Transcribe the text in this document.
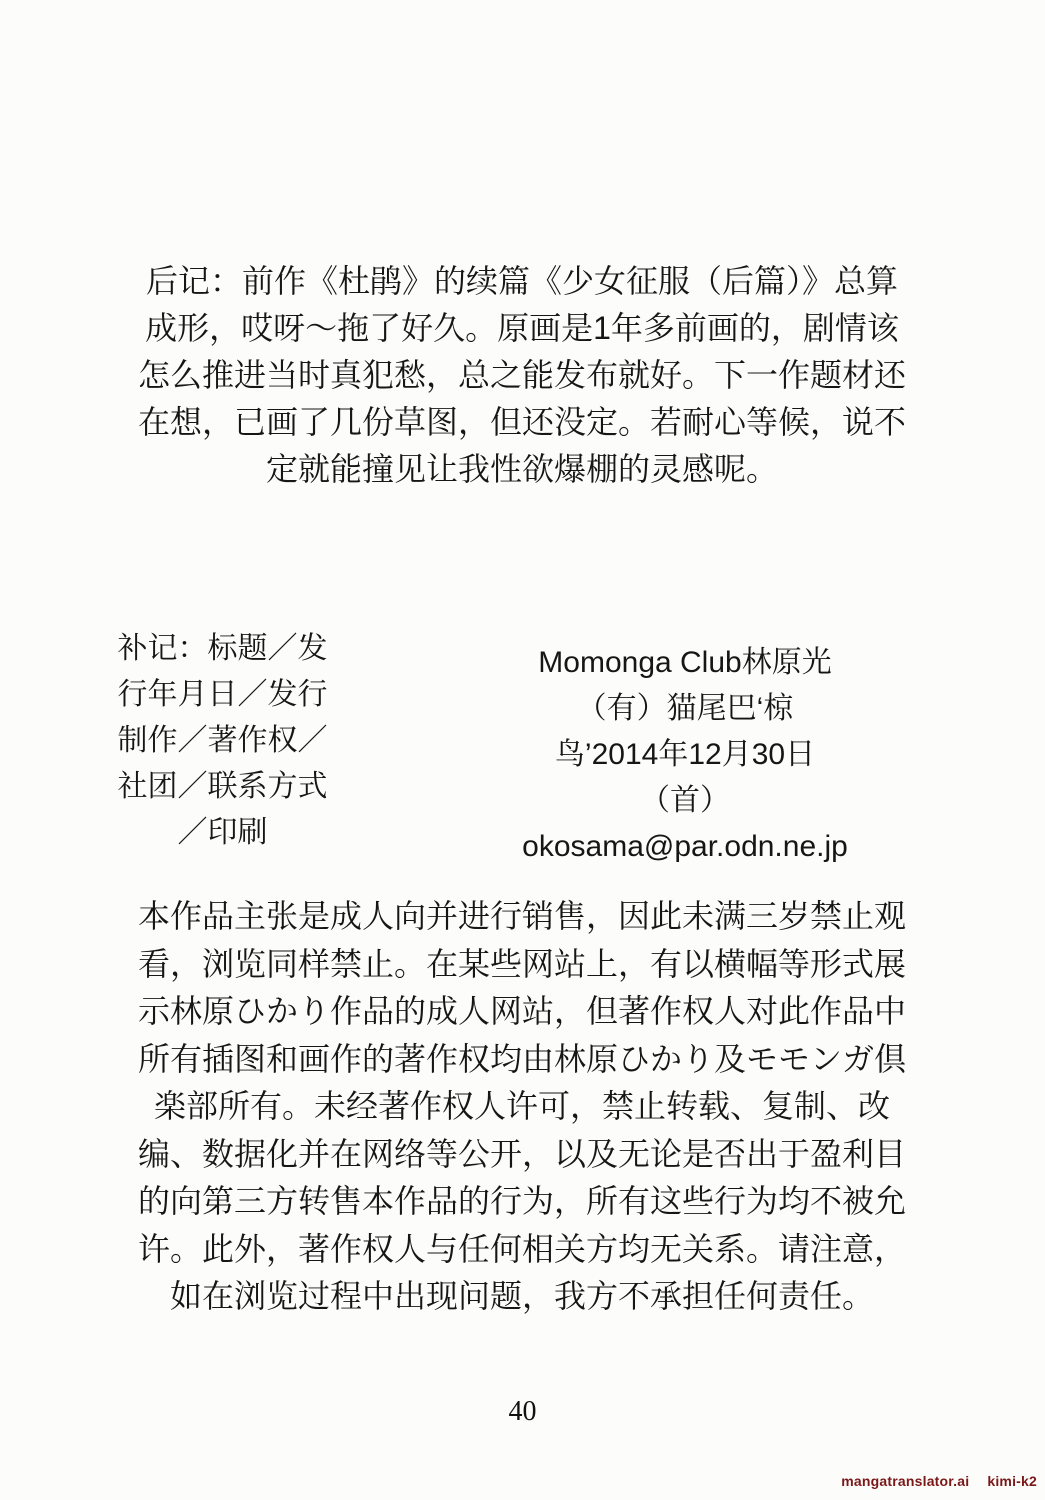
后记：前作《杜鹃》的续篇《少女征服（后篇）》总算
成形，哎呀～拖了好久。原画是1年多前画的，剧情该
怎么推进当时真犯愁，总之能发布就好。下一作题材还
在想，已画了几份草图，但还没定。若耐心等候，说不
定就能撞见让我性欲爆棚的灵感呢。
补记：标题／发
行年月日／发行
制作／著作权／
社团／联系方式
／印刷
Momonga Club林原光
（有）猫尾巴‘椋
鸟’2014年12月30日
（首）
okosama@par.odn.ne.jp
本作品主张是成人向并进行销售，因此未满三岁禁止观
看，浏览同样禁止。在某些网站上，有以横幅等形式展
示林原ひかり作品的成人网站，但著作权人对此作品中
所有插图和画作的著作权均由林原ひかり及モモンガ倶
楽部所有。未经著作权人许可，禁止转载、复制、改
编、数据化并在网络等公开，以及无论是否出于盈利目
的向第三方转售本作品的行为，所有这些行为均不被允
许。此外，著作权人与任何相关方均无关系。请注意，
如在浏览过程中出现问题，我方不承担任何责任。
40
mangatranslator.ai kimi-k2
